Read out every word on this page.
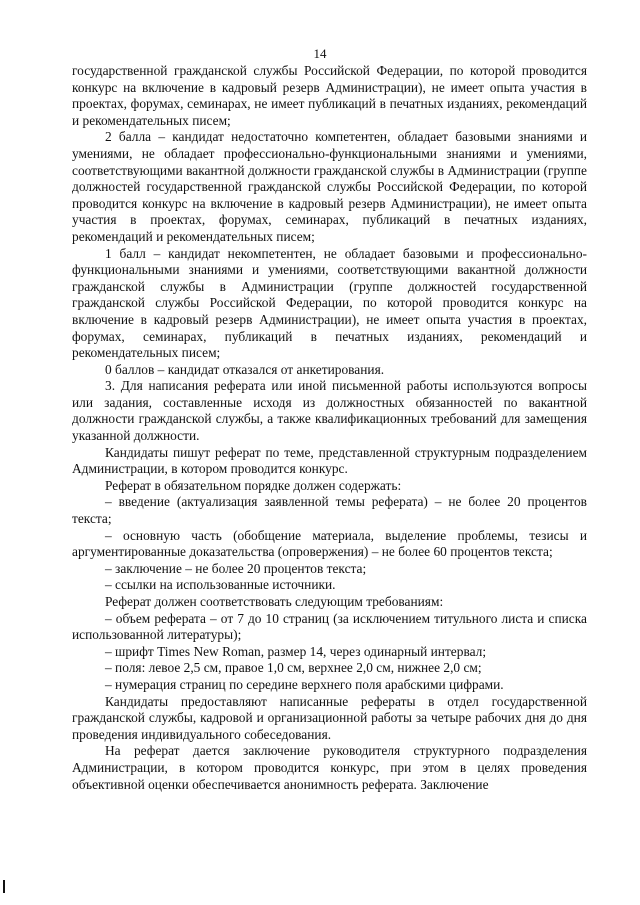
14

государственной гражданской службы Российской Федерации, по которой проводится конкурс на включение в кадровый резерв Администрации), не имеет опыта участия в проектах, форумах, семинарах, не имеет публикаций в печатных изданиях, рекомендаций и рекомендательных писем;

2 балла – кандидат недостаточно компетентен, обладает базовыми знаниями и умениями, не обладает профессионально-функциональными знаниями и умениями, соответствующими вакантной должности гражданской службы в Администрации (группе должностей государственной гражданской службы Российской Федерации, по которой проводится конкурс на включение в кадровый резерв Администрации), не имеет опыта участия в проектах, форумах, семинарах, публикаций в печатных изданиях, рекомендаций и рекомендательных писем;

1 балл – кандидат некомпетентен, не обладает базовыми и профессионально-функциональными знаниями и умениями, соответствующими вакантной должности гражданской службы в Администрации (группе должностей государственной гражданской службы Российской Федерации, по которой проводится конкурс на включение в кадровый резерв Администрации), не имеет опыта участия в проектах, форумах, семинарах, публикаций в печатных изданиях, рекомендаций и рекомендательных писем;

0 баллов – кандидат отказался от анкетирования.

3. Для написания реферата или иной письменной работы используются вопросы или задания, составленные исходя из должностных обязанностей по вакантной должности гражданской службы, а также квалификационных требований для замещения указанной должности.

Кандидаты пишут реферат по теме, представленной структурным подразделением Администрации, в котором проводится конкурс.

Реферат в обязательном порядке должен содержать:

– введение (актуализация заявленной темы реферата) – не более 20 процентов текста;

– основную часть (обобщение материала, выделение проблемы, тезисы и аргументированные доказательства (опровержения) – не более 60 процентов текста;

– заключение – не более 20 процентов текста;

– ссылки на использованные источники.

Реферат должен соответствовать следующим требованиям:

– объем реферата – от 7 до 10 страниц (за исключением титульного листа и списка использованной литературы);

– шрифт Times New Roman, размер 14, через одинарный интервал;

– поля: левое 2,5 см, правое 1,0 см, верхнее 2,0 см, нижнее 2,0 см;

– нумерация страниц по середине верхнего поля арабскими цифрами.

Кандидаты предоставляют написанные рефераты в отдел государственной гражданской службы, кадровой и организационной работы за четыре рабочих дня до дня проведения индивидуального собеседования.

На реферат дается заключение руководителя структурного подразделения Администрации, в котором проводится конкурс, при этом в целях проведения объективной оценки обеспечивается анонимность реферата. Заключение
